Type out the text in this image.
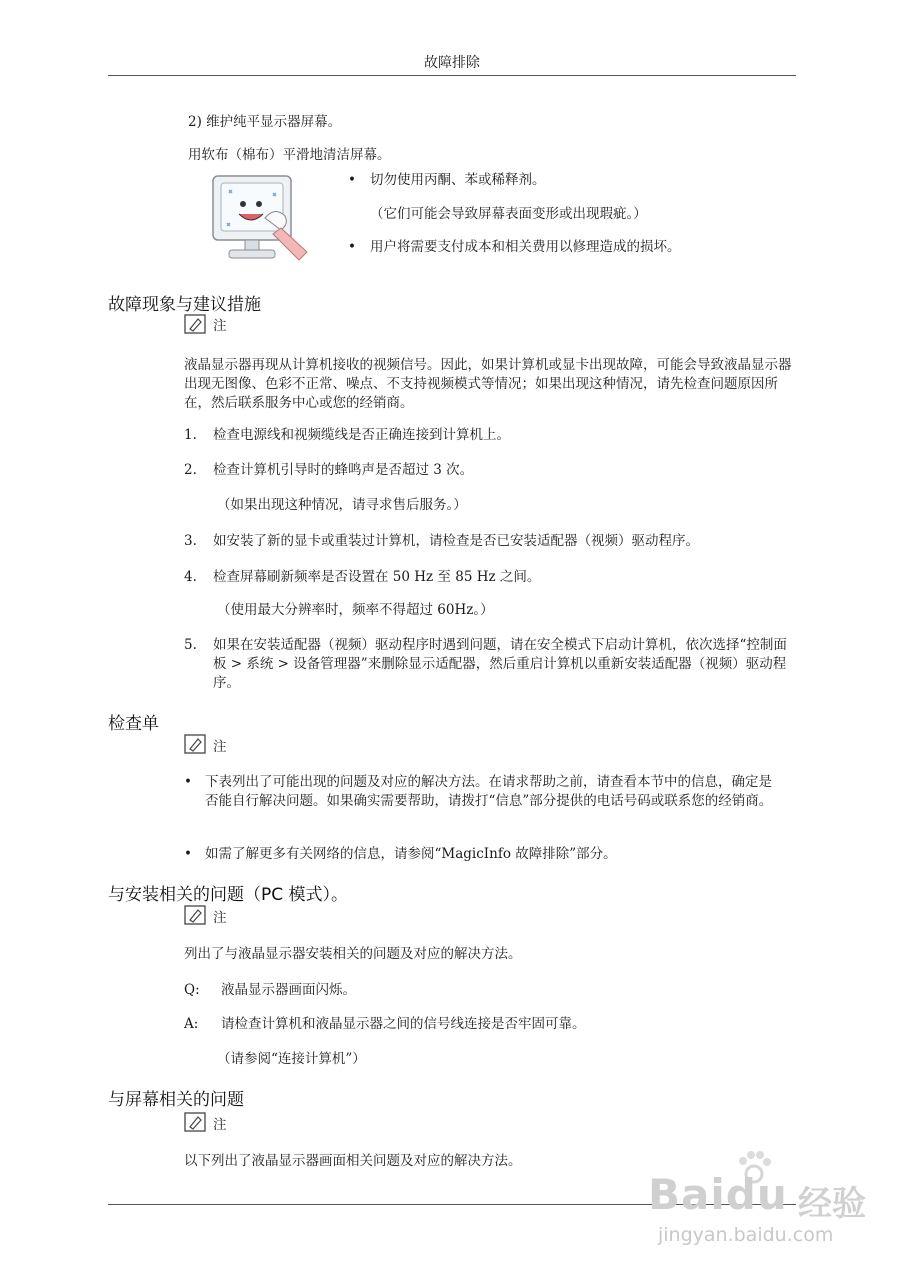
故障排除
2) 维护纯平显示器屏幕。
用软布（棉布）平滑地清洁屏幕。
• 切勿使用丙酮、苯或稀释剂。
（它们可能会导致屏幕表面变形或出现瑕疵。）
• 用户将需要支付成本和相关费用以修理造成的损坏。
故障现象与建议措施
注
液晶显示器再现从计算机接收的视频信号。因此，如果计算机或显卡出现故障，可能会导致液晶显示器出现无图像、色彩不正常、噪点、不支持视频模式等情况；如果出现这种情况，请先检查问题原因所在，然后联系服务中心或您的经销商。
1. 检查电源线和视频缆线是否正确连接到计算机上。
2. 检查计算机引导时的蜂鸣声是否超过 3 次。
（如果出现这种情况，请寻求售后服务。）
3. 如安装了新的显卡或重装过计算机，请检查是否已安装适配器（视频）驱动程序。
4. 检查屏幕刷新频率是否设置在 50 Hz 至 85 Hz 之间。
（使用最大分辨率时，频率不得超过 60Hz。）
5. 如果在安装适配器（视频）驱动程序时遇到问题，请在安全模式下启动计算机，依次选择“控制面板 > 系统 > 设备管理器”来删除显示适配器，然后重启计算机以重新安装适配器（视频）驱动程序。
检查单
注
• 下表列出了可能出现的问题及对应的解决方法。在请求帮助之前，请查看本节中的信息，确定是否能自行解决问题。如果确实需要帮助，请拨打“信息”部分提供的电话号码或联系您的经销商。
• 如需了解更多有关网络的信息，请参阅“MagicInfo 故障排除”部分。
与安装相关的问题（PC 模式）。
注
列出了与液晶显示器安装相关的问题及对应的解决方法。
Q: 液晶显示器画面闪烁。
A: 请检查计算机和液晶显示器之间的信号线连接是否牢固可靠。
（请参阅“连接计算机”）
与屏幕相关的问题
注
以下列出了液晶显示器画面相关问题及对应的解决方法。
Baidu 经验
jingyan.baidu.com
